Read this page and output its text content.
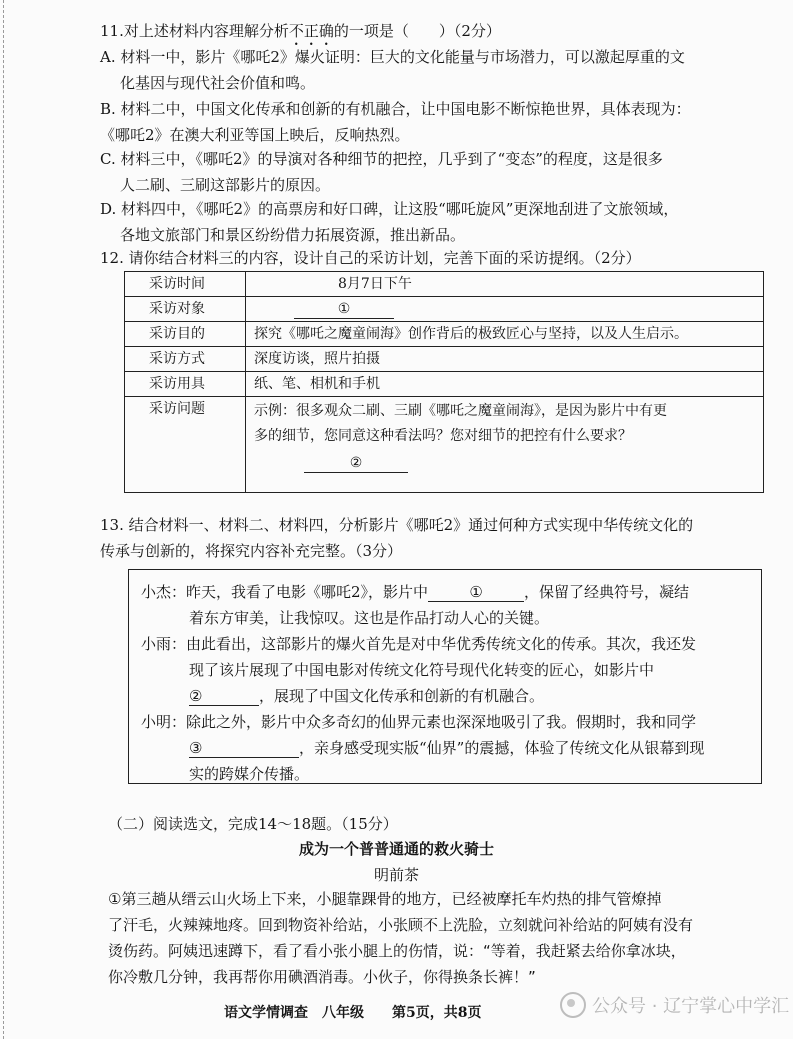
11.对上述材料内容理解分析不正确的一项是（　　）（2分）
A. 材料一中，影片《哪吒2》爆火证明：巨大的文化能量与市场潜力，可以激起厚重的文
化基因与现代社会价值和鸣。
B. 材料二中，中国文化传承和创新的有机融合，让中国电影不断惊艳世界，具体表现为：
《哪吒2》在澳大利亚等国上映后，反响热烈。
C. 材料三中，《哪吒2》的导演对各种细节的把控，几乎到了“变态”的程度，这是很多
人二刷、三刷这部影片的原因。
D. 材料四中，《哪吒2》的高票房和好口碑，让这股“哪吒旋风”更深地刮进了文旅领域，
各地文旅部门和景区纷纷借力拓展资源，推出新品。
12. 请你结合材料三的内容，设计自己的采访计划，完善下面的采访提纲。（2分）
采访时间	8月7日下午
采访对象	①
采访目的	探究《哪吒之魔童闹海》创作背后的极致匠心与坚持，以及人生启示。
采访方式	深度访谈，照片拍摄
采访用具	纸、笔、相机和手机
采访问题	示例：很多观众二刷、三刷《哪吒之魔童闹海》，是因为影片中有更
多的细节，您同意这种看法吗？您对细节的把控有什么要求？
②
13. 结合材料一、材料二、材料四，分析影片《哪吒2》通过何种方式实现中华传统文化的
传承与创新的，将探究内容补充完整。（3分）
小杰：昨天，我看了电影《哪吒2》，影片中	①	，保留了经典符号，凝结
着东方审美，让我惊叹。这也是作品打动人心的关键。
小雨：由此看出，这部影片的爆火首先是对中华优秀传统文化的传承。其次，我还发
现了该片展现了中国电影对传统文化符号现代化转变的匠心，如影片中
②	，展现了中国文化传承和创新的有机融合。
小明：除此之外，影片中众多奇幻的仙界元素也深深地吸引了我。假期时，我和同学
③	，亲身感受现实版“仙界”的震撼，体验了传统文化从银幕到现
实的跨媒介传播。
（二）阅读选文，完成14～18题。（15分）
成为一个普普通通的救火骑士
明前茶
①第三趟从缙云山火场上下来，小腿靠踝骨的地方，已经被摩托车灼热的排气管燎掉
了汗毛，火辣辣地疼。回到物资补给站，小张顾不上洗脸，立刻就问补给站的阿姨有没有
烫伤药。阿姨迅速蹲下，看了看小张小腿上的伤情，说：“等着，我赶紧去给你拿冰块，
你冷敷几分钟，我再帮你用碘酒消毒。小伙子，你得换条长裤！”
语文学情调查　八年级　　第5页，共8页	公众号 · 辽宁掌心中学汇
